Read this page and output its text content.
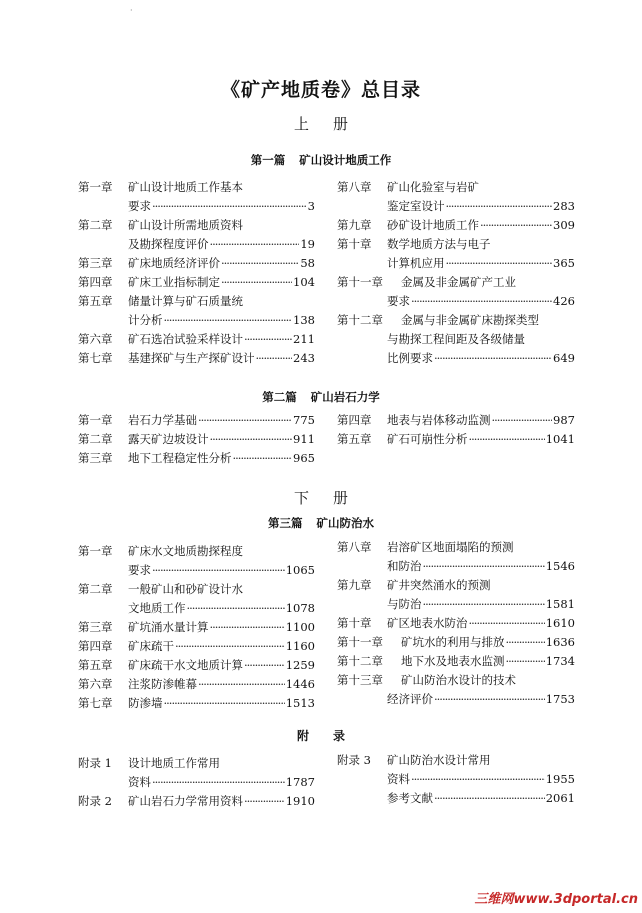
·
《矿产地质卷》总目录
上册
第一篇 矿山设计地质工作
第一章	矿山设计地质工作基本
要求 ·····	3
第二章	矿山设计所需地质资料
及勘探程度评价 ·····	19
第三章	矿床地质经济评价 ·····	58
第四章	矿床工业指标制定 ·····	104
第五章	储量计算与矿石质量统
计分析 ·····	138
第六章	矿石选冶试验采样设计 ·····	211
第七章	基建探矿与生产探矿设计 ·····	243
第八章	矿山化验室与岩矿
鉴定室设计 ·····	283
第九章	砂矿设计地质工作 ·····	309
第十章	数学地质方法与电子
计算机应用 ·····	365
第十一章	金属及非金属矿产工业
要求 ·····	426
第十二章	金属与非金属矿床勘探类型
与勘探工程间距及各级储量
比例要求 ·····	649
第二篇 矿山岩石力学
第一章	岩石力学基础 ·····	775
第二章	露天矿边坡设计 ·····	911
第三章	地下工程稳定性分析 ·····	965
第四章	地表与岩体移动监测 ·····	987
第五章	矿石可崩性分析 ·····	1041
下册
第三篇 矿山防治水
第一章	矿床水文地质勘探程度
要求 ·····	1065
第二章	一般矿山和砂矿设计水
文地质工作 ·····	1078
第三章	矿坑涌水量计算 ·····	1100
第四章	矿床疏干 ·····	1160
第五章	矿床疏干水文地质计算 ·····	1259
第六章	注浆防渗帷幕 ·····	1446
第七章	防渗墙 ·····	1513
第八章	岩溶矿区地面塌陷的预测
和防治 ·····	1546
第九章	矿井突然涌水的预测
与防治 ·····	1581
第十章	矿区地表水防治 ·····	1610
第十一章	矿坑水的利用与排放 ·····	1636
第十二章	地下水及地表水监测 ·····	1734
第十三章	矿山防治水设计的技术
经济评价 ·····	1753
附录
附录 1	设计地质工作常用
资料 ·····	1787
附录 2	矿山岩石力学常用资料 ·····	1910
附录 3	矿山防治水设计常用
资料 ·····	1955
参考文献 ·····	2061
三维网www.3dportal.cn
